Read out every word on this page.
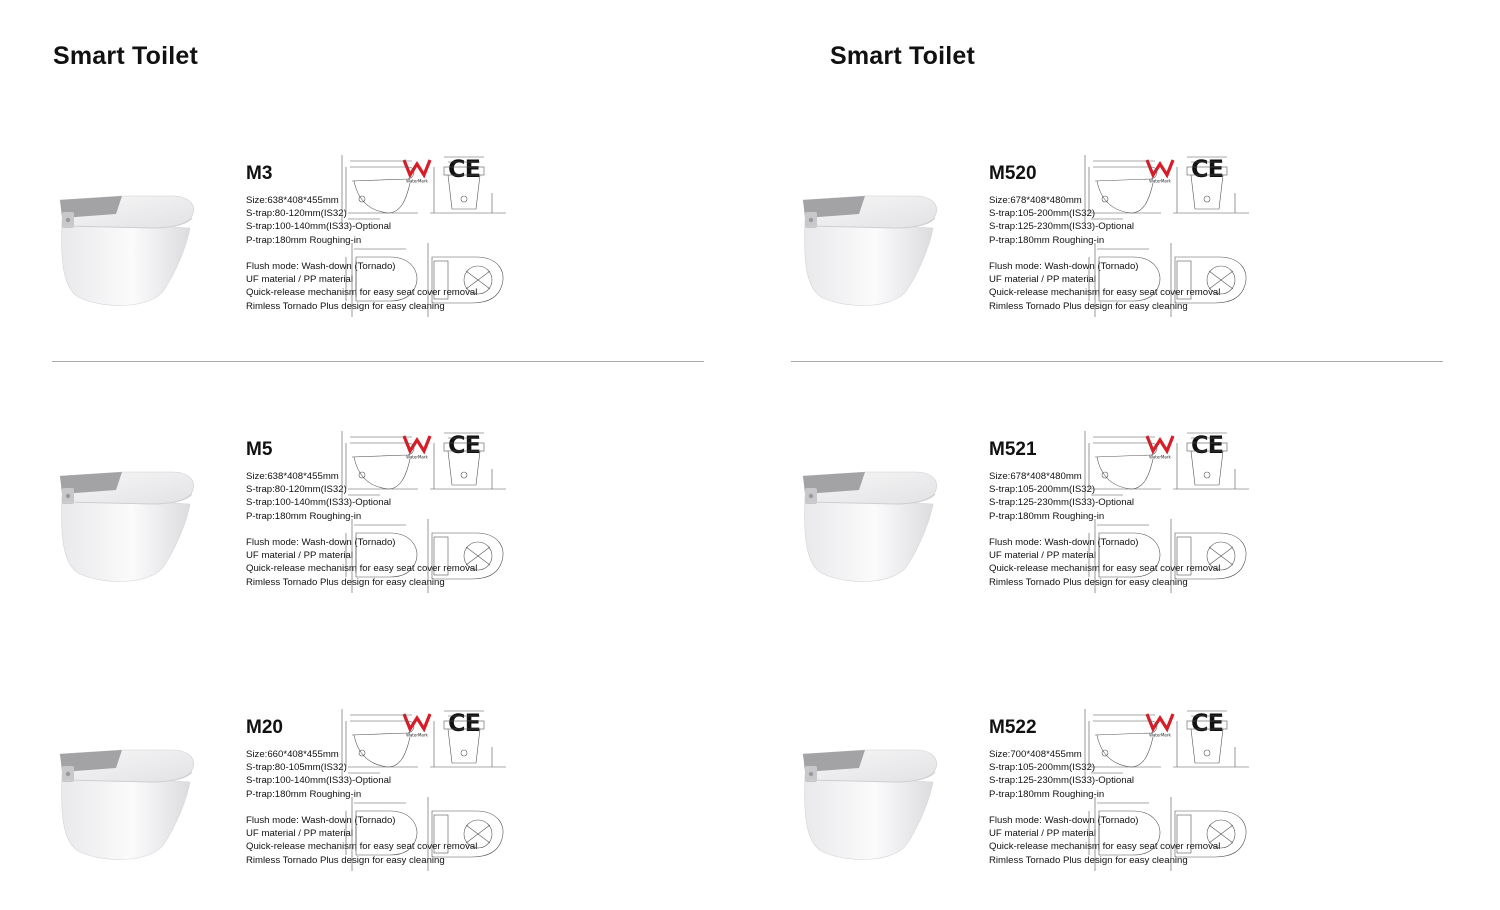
Smart Toilet	Smart Toilet
M3	WaterMark CE
Size:638*408*455mm
S-trap:80-120mm(IS32)
S-trap:100-140mm(IS33)-Optional
P-trap:180mm Roughing-in
Flush mode: Wash-down (Tornado)
UF material / PP material
Quick-release mechanism for easy seat cover removal
Rimless Tornado Plus design for easy cleaning
M5	WaterMark CE
Size:638*408*455mm
S-trap:80-120mm(IS32)
S-trap:100-140mm(IS33)-Optional
P-trap:180mm Roughing-in
Flush mode: Wash-down (Tornado)
UF material / PP material
Quick-release mechanism for easy seat cover removal
Rimless Tornado Plus design for easy cleaning
M20	WaterMark CE
Size:660*408*455mm
S-trap:80-105mm(IS32)
S-trap:100-140mm(IS33)-Optional
P-trap:180mm Roughing-in
Flush mode: Wash-down (Tornado)
UF material / PP material
Quick-release mechanism for easy seat cover removal
Rimless Tornado Plus design for easy cleaning
M520	WaterMark CE
Size:678*408*480mm
S-trap:105-200mm(IS32)
S-trap:125-230mm(IS33)-Optional
P-trap:180mm Roughing-in
Flush mode: Wash-down (Tornado)
UF material / PP material
Quick-release mechanism for easy seat cover removal
Rimless Tornado Plus design for easy cleaning
M521	WaterMark CE
Size:678*408*480mm
S-trap:105-200mm(IS32)
S-trap:125-230mm(IS33)-Optional
P-trap:180mm Roughing-in
Flush mode: Wash-down (Tornado)
UF material / PP material
Quick-release mechanism for easy seat cover removal
Rimless Tornado Plus design for easy cleaning
M522	WaterMark CE
Size:700*408*455mm
S-trap:105-200mm(IS32)
S-trap:125-230mm(IS33)-Optional
P-trap:180mm Roughing-in
Flush mode: Wash-down (Tornado)
UF material / PP material
Quick-release mechanism for easy seat cover removal
Rimless Tornado Plus design for easy cleaning
